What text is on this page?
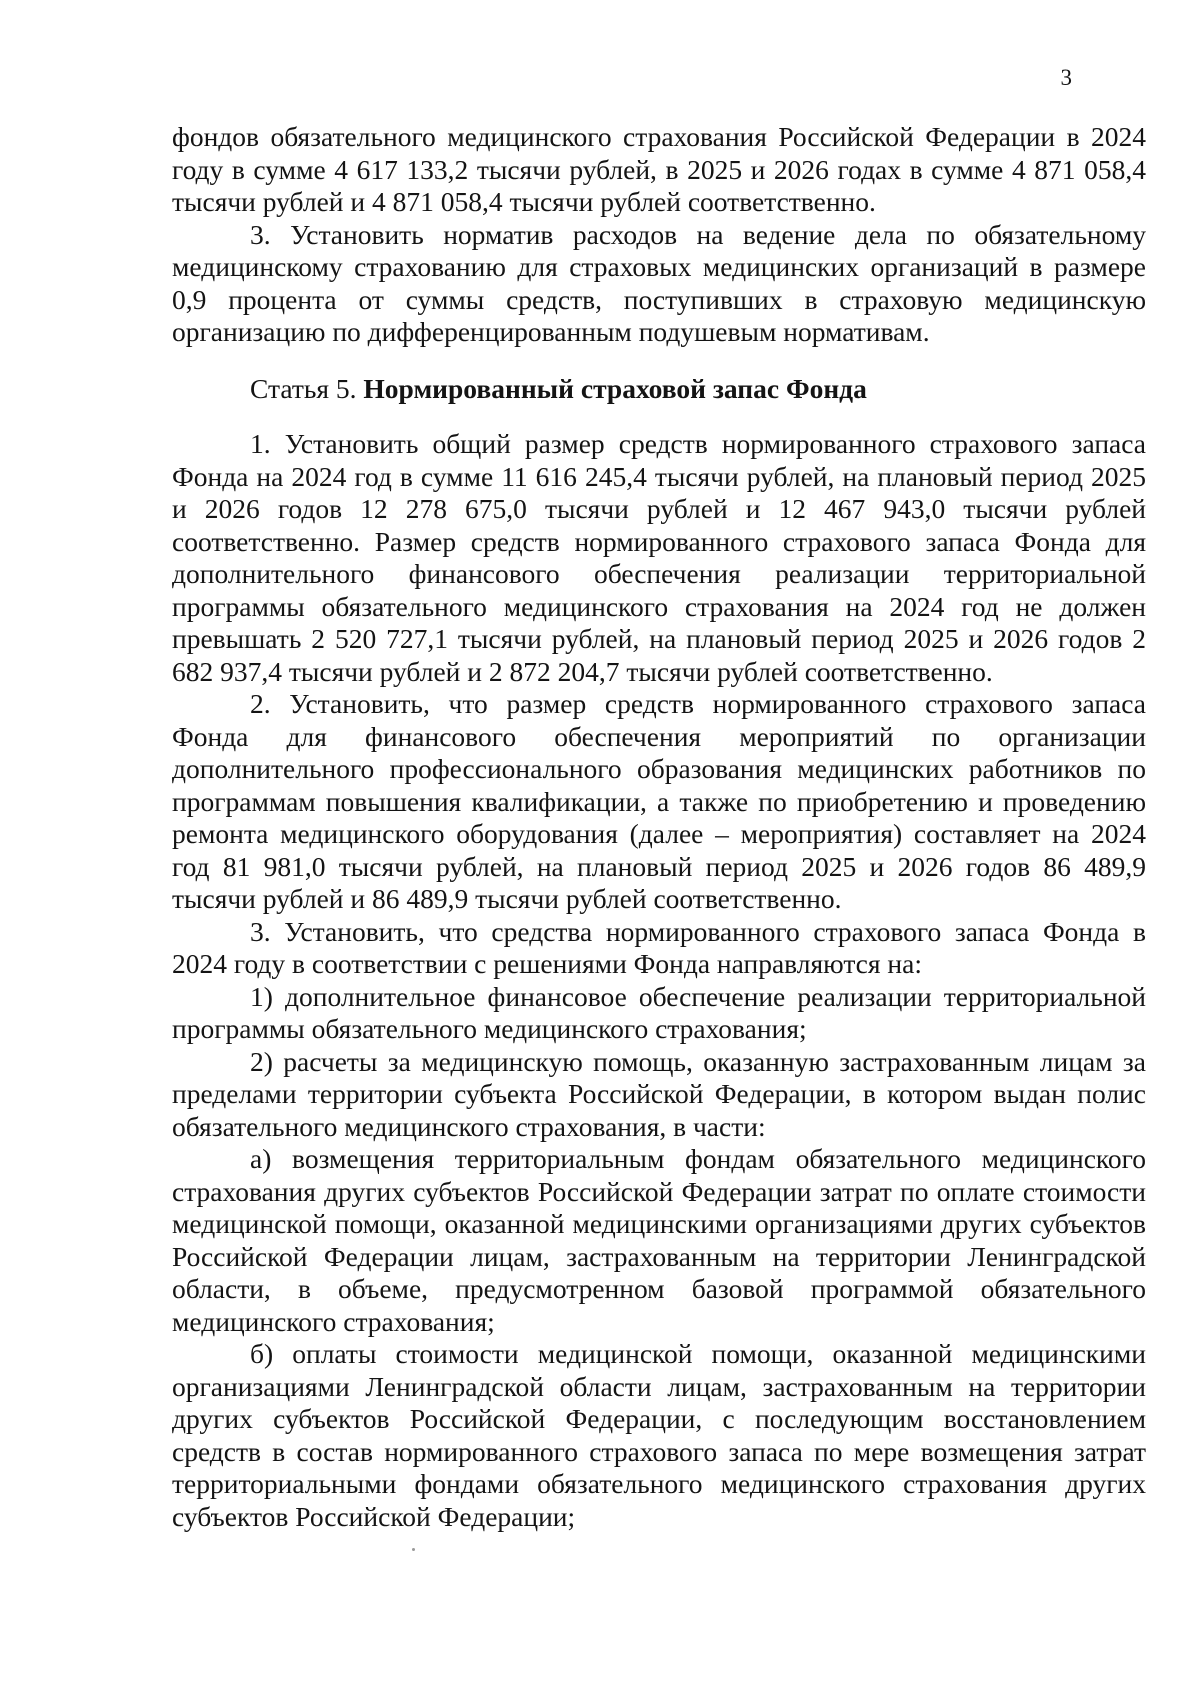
3

фондов обязательного медицинского страхования Российской Федерации в 2024 году в сумме 4 617 133,2 тысячи рублей, в 2025 и 2026 годах в сумме 4 871 058,4 тысячи рублей и 4 871 058,4 тысячи рублей соответственно.

3. Установить норматив расходов на ведение дела по обязательному медицинскому страхованию для страховых медицинских организаций в размере 0,9 процента от суммы средств, поступивших в страховую медицинскую организацию по дифференцированным подушевым нормативам.

Статья 5. Нормированный страховой запас Фонда

1. Установить общий размер средств нормированного страхового запаса Фонда на 2024 год в сумме 11 616 245,4 тысячи рублей, на плановый период 2025 и 2026 годов 12 278 675,0 тысячи рублей и 12 467 943,0 тысячи рублей соответственно. Размер средств нормированного страхового запаса Фонда для дополнительного финансового обеспечения реализации территориальной программы обязательного медицинского страхования на 2024 год не должен превышать 2 520 727,1 тысячи рублей, на плановый период 2025 и 2026 годов 2 682 937,4 тысячи рублей и 2 872 204,7 тысячи рублей соответственно.

2. Установить, что размер средств нормированного страхового запаса Фонда для финансового обеспечения мероприятий по организации дополнительного профессионального образования медицинских работников по программам повышения квалификации, а также по приобретению и проведению ремонта медицинского оборудования (далее – мероприятия) составляет на 2024 год 81 981,0 тысячи рублей, на плановый период 2025 и 2026 годов 86 489,9 тысячи рублей и 86 489,9 тысячи рублей соответственно.

3. Установить, что средства нормированного страхового запаса Фонда в 2024 году в соответствии с решениями Фонда направляются на:

1) дополнительное финансовое обеспечение реализации территориальной программы обязательного медицинского страхования;

2) расчеты за медицинскую помощь, оказанную застрахованным лицам за пределами территории субъекта Российской Федерации, в котором выдан полис обязательного медицинского страхования, в части:

а) возмещения территориальным фондам обязательного медицинского страхования других субъектов Российской Федерации затрат по оплате стоимости медицинской помощи, оказанной медицинскими организациями других субъектов Российской Федерации лицам, застрахованным на территории Ленинградской области, в объеме, предусмотренном базовой программой обязательного медицинского страхования;

б) оплаты стоимости медицинской помощи, оказанной медицинскими организациями Ленинградской области лицам, застрахованным на территории других субъектов Российской Федерации, с последующим восстановлением средств в состав нормированного страхового запаса по мере возмещения затрат территориальными фондами обязательного медицинского страхования других субъектов Российской Федерации;
